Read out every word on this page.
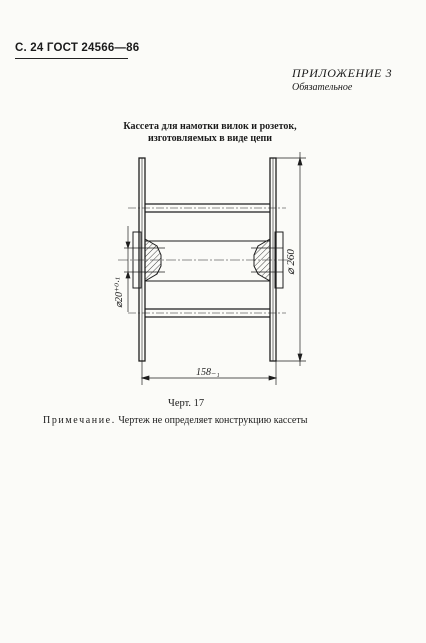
С. 24 ГОСТ 24566—86
ПРИЛОЖЕНИЕ 3
Обязательное
Кассета для намотки вилок и розеток,
изготовляемых в виде цепи
⌀ 260
⌀20⁺⁰·¹
158₋₁
Черт. 17
Примечание. Чертеж не определяет конструкцию кассеты
